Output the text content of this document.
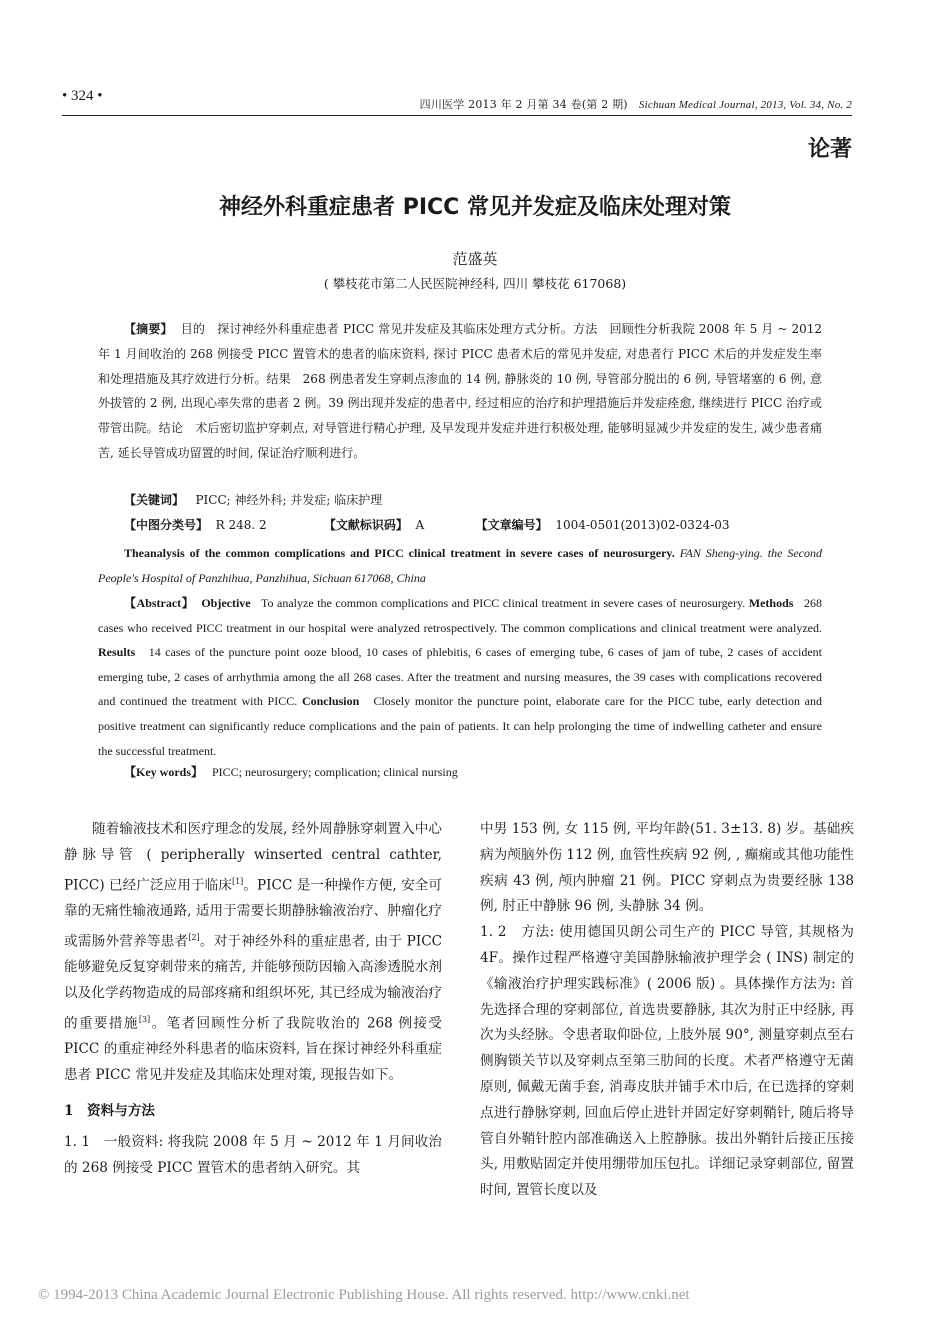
• 324 •
四川医学 2013 年 2 月第 34 卷(第 2 期) Sichuan Medical Journal, 2013, Vol. 34, No. 2
论著
神经外科重症患者 PICC 常见并发症及临床处理对策
范盛英
( 攀枝花市第二人民医院神经科, 四川 攀枝花 617068)
【摘要】 目的　探讨神经外科重症患者 PICC 常见并发症及其临床处理方式分析。方法　回顾性分析我院 2008 年 5 月 ~ 2012 年 1 月间收治的 268 例接受 PICC 置管术的患者的临床资料, 探讨 PICC 患者术后的常见并发症, 对患者行 PICC 术后的并发症发生率和处理措施及其疗效进行分析。结果　268 例患者发生穿刺点渗血的 14 例, 静脉炎的 10 例, 导管部分脱出的 6 例, 导管堵塞的 6 例, 意外拔管的 2 例, 出现心率失常的患者 2 例。39 例出现并发症的患者中, 经过相应的治疗和护理措施后并发症痊愈, 继续进行 PICC 治疗或带管出院。结论　术后密切监护穿刺点, 对导管进行精心护理, 及早发现并发症并进行积极处理, 能够明显减少并发症的发生, 减少患者痛苦, 延长导管成功留置的时间, 保证治疗顺利进行。
【关键词】 PICC; 神经外科; 并发症; 临床护理
【中图分类号】 R 248. 2	【文献标识码】 A	【文章编号】 1004-0501(2013)02-0324-03
Theanalysis of the common complications and PICC clinical treatment in severe cases of neurosurgery. FAN Sheng-ying. the Second People's Hospital of Panzhihua, Panzhihua, Sichuan 617068, China
【Abstract】 Objective To analyze the common complications and PICC clinical treatment in severe cases of neurosurgery. Methods 268 cases who received PICC treatment in our hospital were analyzed retrospectively. The common complications and clinical treatment were analyzed. Results 14 cases of the puncture point ooze blood, 10 cases of phlebitis, 6 cases of emerging tube, 6 cases of jam of tube, 2 cases of accident emerging tube, 2 cases of arrhythmia among the all 268 cases. After the treatment and nursing measures, the 39 cases with complications recovered and continued the treatment with PICC. Conclusion Closely monitor the puncture point, elaborate care for the PICC tube, early detection and positive treatment can significantly reduce complications and the pain of patients. It can help prolonging the time of indwelling catheter and ensure the successful treatment.
【Key words】 PICC; neurosurgery; complication; clinical nursing

随着输液技术和医疗理念的发展, 经外周静脉穿刺置入中心静脉导管 ( peripherally winserted central cathter, PICC) 已经广泛应用于临床[1]。PICC 是一种操作方便, 安全可靠的无痛性输液通路, 适用于需要长期静脉输液治疗、肿瘤化疗或需肠外营养等患者[2]。对于神经外科的重症患者, 由于 PICC 能够避免反复穿刺带来的痛苦, 并能够预防因输入高渗透脱水剂以及化学药物造成的局部疼痛和组织坏死, 其已经成为输液治疗的重要措施[3]。笔者回顾性分析了我院收治的 268 例接受 PICC 的重症神经外科患者的临床资料, 旨在探讨神经外科重症患者 PICC 常见并发症及其临床处理对策, 现报告如下。

1　资料与方法

1. 1　一般资料: 将我院 2008 年 5 月 ~ 2012 年 1 月间收治的 268 例接受 PICC 置管术的患者纳入研究。其

中男 153 例, 女 115 例, 平均年龄(51. 3±13. 8) 岁。基础疾病为颅脑外伤 112 例, 血管性疾病 92 例, , 癫痫或其他功能性疾病 43 例, 颅内肿瘤 21 例。PICC 穿刺点为贵要经脉 138 例, 肘正中静脉 96 例, 头静脉 34 例。

1. 2　方法: 使用德国贝朗公司生产的 PICC 导管, 其规格为 4F。操作过程严格遵守美国静脉输液护理学会 ( INS) 制定的《输液治疗护理实践标准》( 2006 版) 。具体操作方法为: 首先选择合理的穿刺部位, 首选贵要静脉, 其次为肘正中经脉, 再次为头经脉。令患者取仰卧位, 上肢外展 90°, 测量穿刺点至右侧胸锁关节以及穿刺点至第三肋间的长度。术者严格遵守无菌原则, 佩戴无菌手套, 消毒皮肤并铺手术巾后, 在已选择的穿刺点进行静脉穿刺, 回血后停止进针并固定好穿刺鞘针, 随后将导管自外鞘针腔内部准确送入上腔静脉。拔出外鞘针后接正压接头, 用敷贴固定并使用绷带加压包扎。详细记录穿刺部位, 留置时间, 置管长度以及

© 1994-2013 China Academic Journal Electronic Publishing House. All rights reserved. http://www.cnki.net
